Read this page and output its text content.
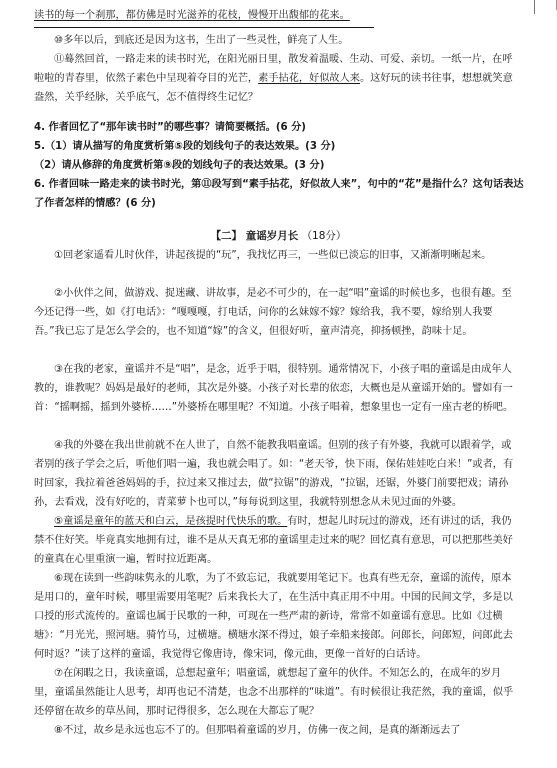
读书的每一个刹那，都仿佛是时光滋养的花枝，慢慢开出馥郁的花来。

⑩多年以后，到底还是因为这书，生出了一些灵性，鲜亮了人生。

⑪蓦然回首，一路走来的读书时光，在阳光丽日里，散发着温暖、生动、可爱、亲切。一纸一片，在呼啦啦的青春里，依然子素色中呈现着夺目的光芒，素手拈花，好似故人来。这好玩的读书往事，想想就笑意盎然，关乎经脉，关乎底气，怎不值得终生记忆？

4. 作者回忆了“那年读书时”的哪些事？请简要概括。(6 分)

5.（1）请从描写的角度赏析第⑤段的划线句子的表达效果。(3 分)

（2）请从修辞的角度赏析第⑨段的划线句子的表达效果。(3 分)

6. 作者回味一路走来的读书时光，第⑪段写到“素手拈花，好似故人来”，句中的“花”是指什么？这句话表达了作者怎样的情感？(6 分)

【二】 童谣岁月长 （18分）

①回老家遥看儿时伙伴，讲起孩提的“玩”，我找忆再三，一些似已淡忘的旧事，又渐渐明晰起来。

②小伙伴之间，做游戏、捉迷藏、讲故事，是必不可少的，在一起“唱”童谣的时候也多，也很有趣。至今还记得一些，如《打电话》：“嘎嘎嘎，打电话，问你的幺妹嫁不嫁？嫁给我，我不要，嫁给别人我要吾。”我已忘了是怎么学会的，也不知道“嫁”的含义，但很好听，童声清亮，抑扬顿挫，韵味十足。

③在我的老家，童谣并不是“唱”，是念，近乎于唱，很特别。通常情况下，小孩子唱的童谣是由成年人教的，谁教呢？妈妈是最好的老师，其次是外婆。小孩子对长辈的依恋，大概也是从童谣开始的。譬如有一首：“摇啊摇，摇到外婆桥……”外婆桥在哪里呢？不知道。小孩子唱着，想象里也一定有一座古老的桥吧。

④我的外婆在我出世前就不在人世了，自然不能教我唱童谣。但别的孩子有外婆，我就可以跟着学，或者别的孩子学会之后，听他们唱一遍，我也就会唱了。如：“老天爷，快下雨，保佑娃娃吃白米！”或者，有时回家，我拉着爸爸妈妈的手，拉过来又推过去，做“拉锯”的游戏，“拉锯，还锯，外婆门前要把戏；请孙孙，去看戏，没有好吃的，青菜萝卜也可以，”每每说到这里，我就特别想念从未见过面的外婆。

⑤童谣是童年的蓝天和白云，是孩提时代快乐的歌。有时，想起儿时玩过的游戏，还有讲过的话，我仍禁不住好笑。毕竟真实地拥有过，谁不是从天真无邪的童谣里走过来的呢？回忆真有意思，可以把那些美好的童真在心里重演一遍，暂时拉近距离。

⑥现在读到一些韵味隽永的儿歌，为了不致忘记，我就要用笔记下。也真有些无奈，童谣的流传，原本是用口的，童年时候，哪里需要用笔呢？后来我长大了，在生活中真正用不中用。中国的民间文学，多是以口授的形式流传的。童谣也属于民歌的一种，可现在一些严肃的新诗，常常不如童谣有意思。比如《过横塘》：“月光光，照河塘。骑竹马，过横塘。横塘水深不得过，娘子牵船来接郎。问郎长，问郎短，问郎此去何时返？”读了这样的童谣，我觉得它像唐诗，像宋词，像元曲，更像一首好的白话诗。

⑦在闲暇之日，我读童谣，总想起童年；唱童谣，就想起了童年的伙伴。不知怎么的，在成年的岁月里，童谣虽然能让人思考，却再也记不清楚，也念不出那样的“味道”。有时候很让我茫然，我的童谣，似乎还停留在故乡的草丛间，那时记得很多，怎么现在大都忘了呢？

⑧不过，故乡是永远也忘不了的。但那唱着童谣的岁月，仿佛一夜之间，是真的渐渐远去了
